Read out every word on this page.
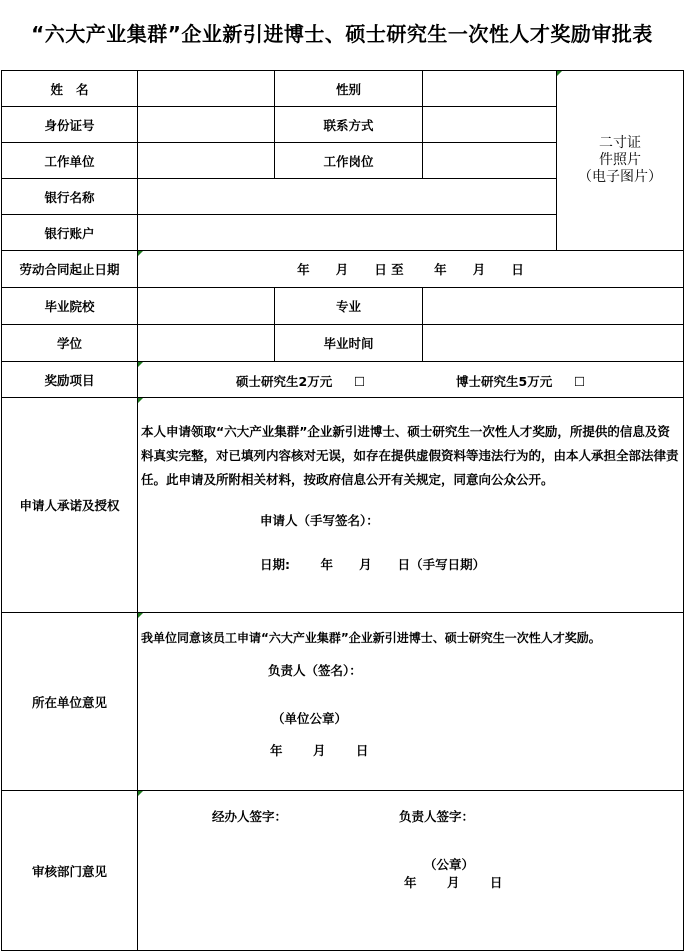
“六大产业集群”企业新引进博士、硕士研究生一次性人才奖励审批表
姓   名		性别		二寸证
件照片
（电子图片）

身份证号		联系方式		
工作单位		工作岗位		
银行名称				
银行账户				
劳动合同起止日期	年      月      日 至       年      月      日			
毕业院校		专业		
学位		毕业时间		
奖励项目	硕士研究生2万元     ☐ 博士研究生5万元     ☐			

申请人承诺及授权	本人申请领取“六大产业集群”企业新引进博士、硕士研究生一次性人才奖励，所提供的信息及资料真实完整，对已填列内容核对无误，如存在提供虚假资料等违法行为的，由本人承担全部法律责任。此申请及所附相关材料，按政府信息公开有关规定，同意向公众公开。
申请人（手写签名）：
日期:       年      月      日（手写日期）			

所在单位意见	我单位同意该员工申请“六大产业集群”企业新引进博士、硕士研究生一次性人才奖励。
负责人（签名）：
（单位公章）
年       月       日			

审核部门意见	经办人签字： 负责人签字：
（公章）
年       月       日			
